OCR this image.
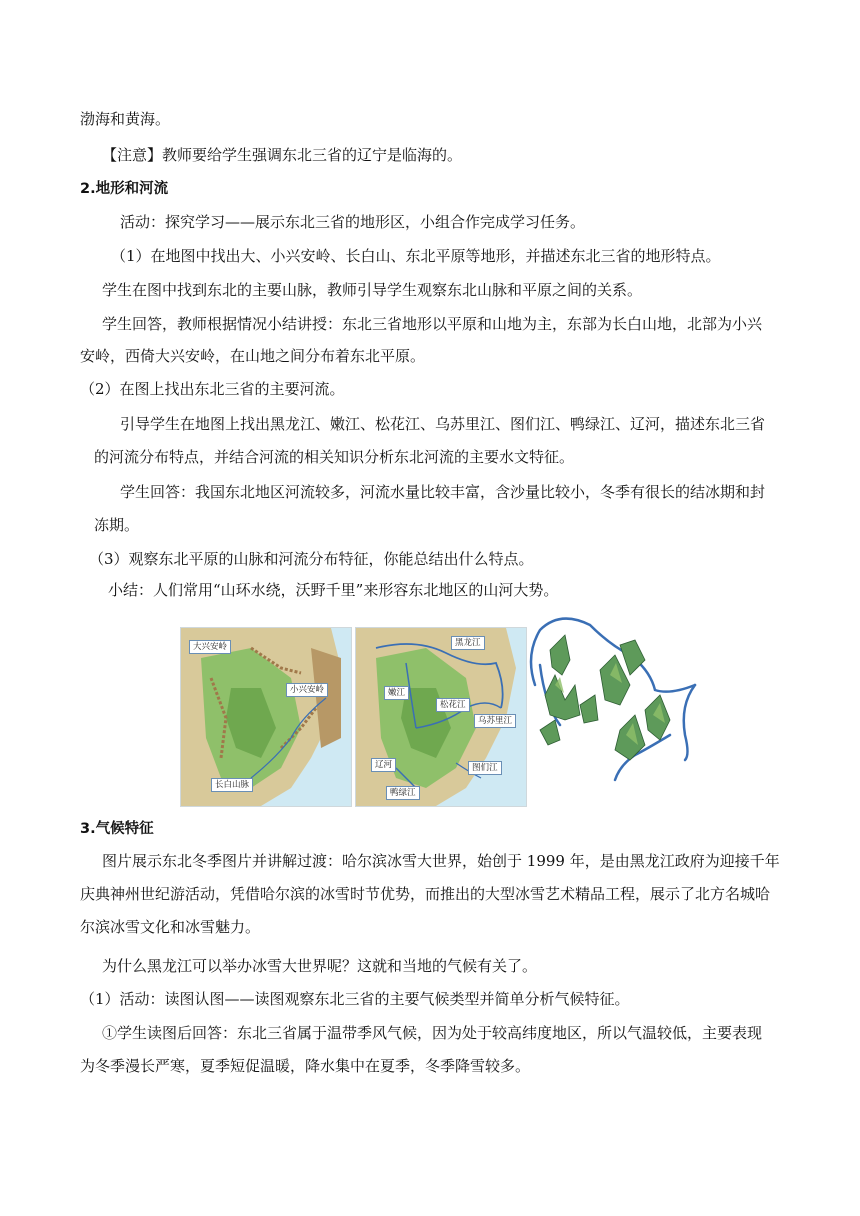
渤海和黄海。
【注意】教师要给学生强调东北三省的辽宁是临海的。
2.地形和河流
活动：探究学习——展示东北三省的地形区，小组合作完成学习任务。
（1）在地图中找出大、小兴安岭、长白山、东北平原等地形，并描述东北三省的地形特点。
学生在图中找到东北的主要山脉，教师引导学生观察东北山脉和平原之间的关系。
学生回答，教师根据情况小结讲授：东北三省地形以平原和山地为主，东部为长白山地，北部为小兴
安岭，西倚大兴安岭，在山地之间分布着东北平原。
（2）在图上找出东北三省的主要河流。
引导学生在地图上找出黑龙江、嫩江、松花江、乌苏里江、图们江、鸭绿江、辽河，描述东北三省
的河流分布特点，并结合河流的相关知识分析东北河流的主要水文特征。
学生回答：我国东北地区河流较多，河流水量比较丰富，含沙量比较小，冬季有很长的结冰期和封
冻期。
（3）观察东北平原的山脉和河流分布特征，你能总结出什么特点。
小结：人们常用“山环水绕，沃野千里”来形容东北地区的山河大势。
大兴安岭
小兴安岭
长白山脉
黑龙江
嫩江
松花江
乌苏里江
辽河	图们江
鸭绿江
3.气候特征
图片展示东北冬季图片并讲解过渡：哈尔滨冰雪大世界，始创于 1999 年，是由黑龙江政府为迎接千年
庆典神州世纪游活动，凭借哈尔滨的冰雪时节优势，而推出的大型冰雪艺术精品工程，展示了北方名城哈
尔滨冰雪文化和冰雪魅力。
为什么黑龙江可以举办冰雪大世界呢？这就和当地的气候有关了。
（1）活动：读图认图——读图观察东北三省的主要气候类型并简单分析气候特征。
①学生读图后回答：东北三省属于温带季风气候，因为处于较高纬度地区，所以气温较低，主要表现
为冬季漫长严寒，夏季短促温暖，降水集中在夏季，冬季降雪较多。
